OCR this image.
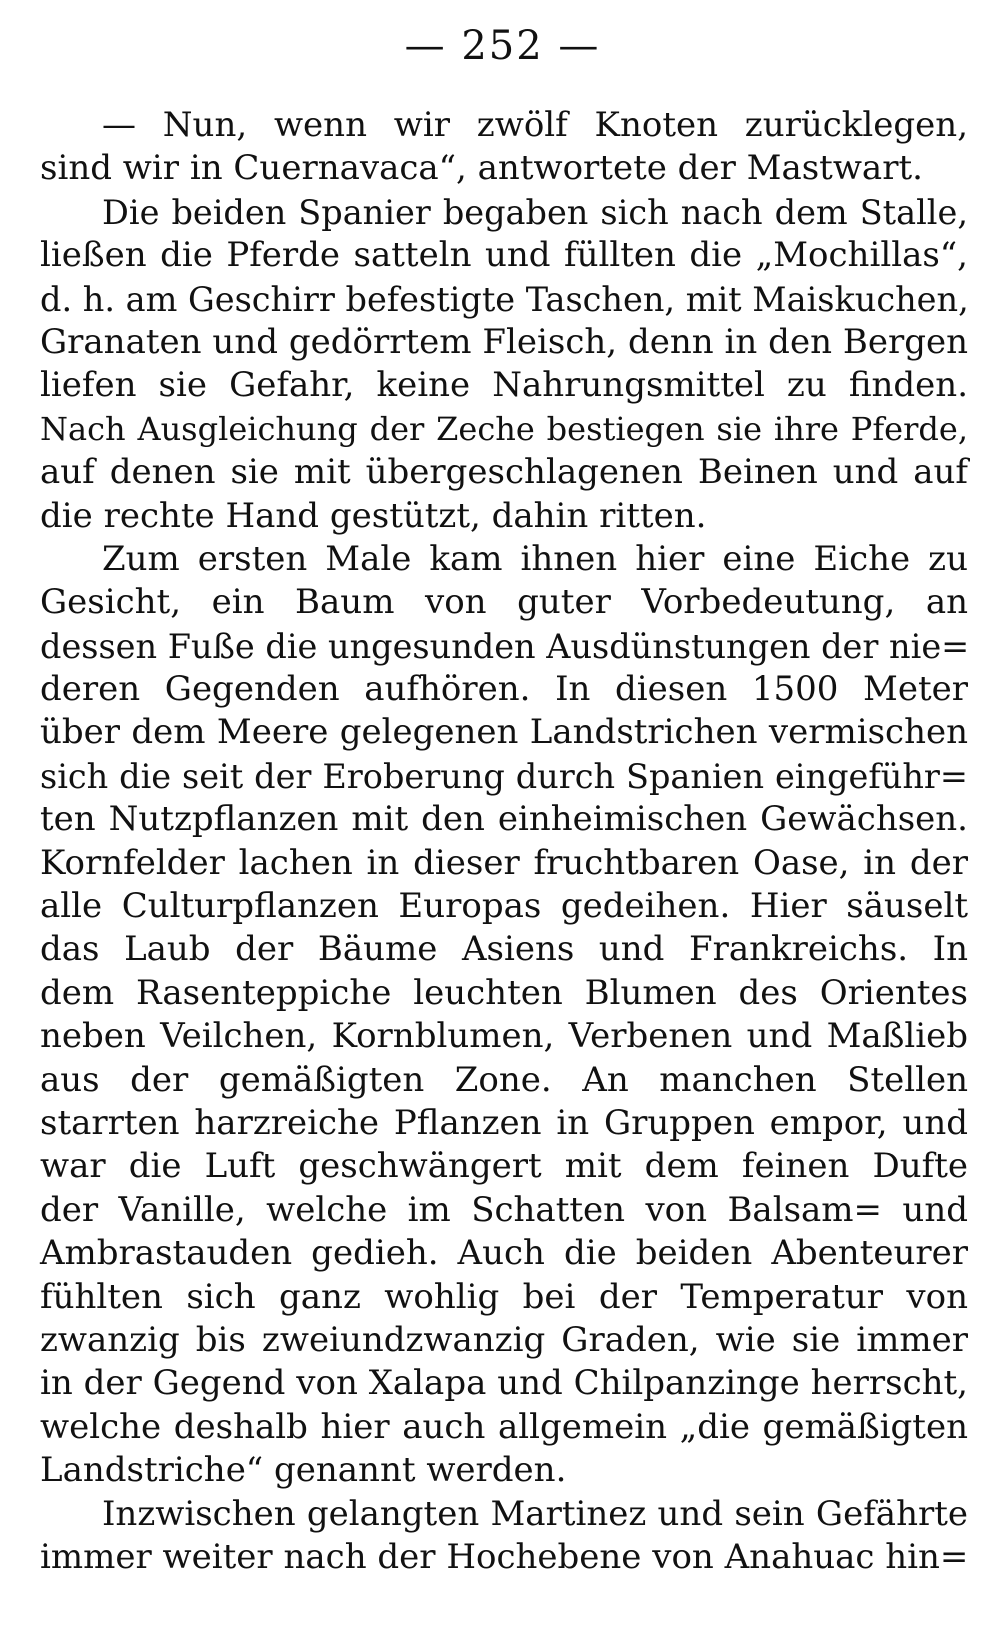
— 252 —
— Nun, wenn wir zwölf Knoten zurücklegen,
sind wir in Cuernavaca“, antwortete der Mastwart.
Die beiden Spanier begaben sich nach dem Stalle,
ließen die Pferde satteln und füllten die „Mochillas“,
d. h. am Geschirr befestigte Taschen, mit Maiskuchen,
Granaten und gedörrtem Fleisch, denn in den Bergen
liefen sie Gefahr, keine Nahrungsmittel zu finden.
Nach Ausgleichung der Zeche bestiegen sie ihre Pferde,
auf denen sie mit übergeschlagenen Beinen und auf
die rechte Hand gestützt, dahin ritten.
Zum ersten Male kam ihnen hier eine Eiche zu
Gesicht, ein Baum von guter Vorbedeutung, an
dessen Fuße die ungesunden Ausdünstungen der nie=
deren Gegenden aufhören. In diesen 1500 Meter
über dem Meere gelegenen Landstrichen vermischen
sich die seit der Eroberung durch Spanien eingeführ=
ten Nutzpflanzen mit den einheimischen Gewächsen.
Kornfelder lachen in dieser fruchtbaren Oase, in der
alle Culturpflanzen Europas gedeihen. Hier säuselt
das Laub der Bäume Asiens und Frankreichs. In
dem Rasenteppiche leuchten Blumen des Orientes
neben Veilchen, Kornblumen, Verbenen und Maßlieb
aus der gemäßigten Zone. An manchen Stellen
starrten harzreiche Pflanzen in Gruppen empor, und
war die Luft geschwängert mit dem feinen Dufte
der Vanille, welche im Schatten von Balsam= und
Ambrastauden gedieh. Auch die beiden Abenteurer
fühlten sich ganz wohlig bei der Temperatur von
zwanzig bis zweiundzwanzig Graden, wie sie immer
in der Gegend von Xalapa und Chilpanzinge herrscht,
welche deshalb hier auch allgemein „die gemäßigten
Landstriche“ genannt werden.
Inzwischen gelangten Martinez und sein Gefährte
immer weiter nach der Hochebene von Anahuac hin=
